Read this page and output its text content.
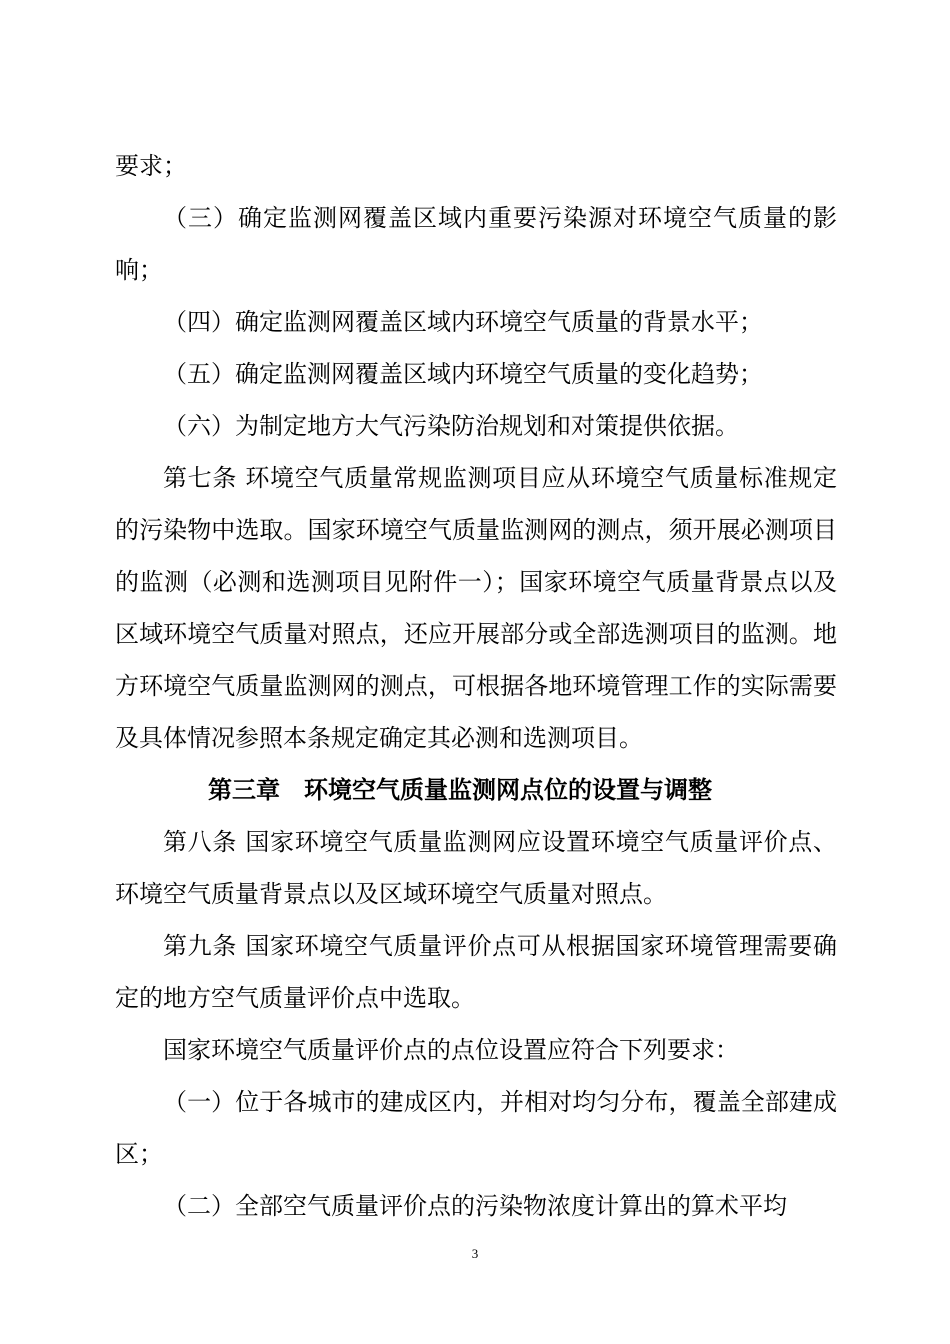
要求；

（三）确定监测网覆盖区域内重要污染源对环境空气质量的影响；

（四）确定监测网覆盖区域内环境空气质量的背景水平；

（五）确定监测网覆盖区域内环境空气质量的变化趋势；

（六）为制定地方大气污染防治规划和对策提供依据。

第七条 环境空气质量常规监测项目应从环境空气质量标准规定的污染物中选取。国家环境空气质量监测网的测点，须开展必测项目的监测（必测和选测项目见附件一）；国家环境空气质量背景点以及区域环境空气质量对照点，还应开展部分或全部选测项目的监测。地方环境空气质量监测网的测点，可根据各地环境管理工作的实际需要及具体情况参照本条规定确定其必测和选测项目。

第三章　环境空气质量监测网点位的设置与调整

第八条 国家环境空气质量监测网应设置环境空气质量评价点、环境空气质量背景点以及区域环境空气质量对照点。

第九条 国家环境空气质量评价点可从根据国家环境管理需要确定的地方空气质量评价点中选取。

国家环境空气质量评价点的点位设置应符合下列要求：

（一）位于各城市的建成区内，并相对均匀分布，覆盖全部建成区；

（二）全部空气质量评价点的污染物浓度计算出的算术平均

3
